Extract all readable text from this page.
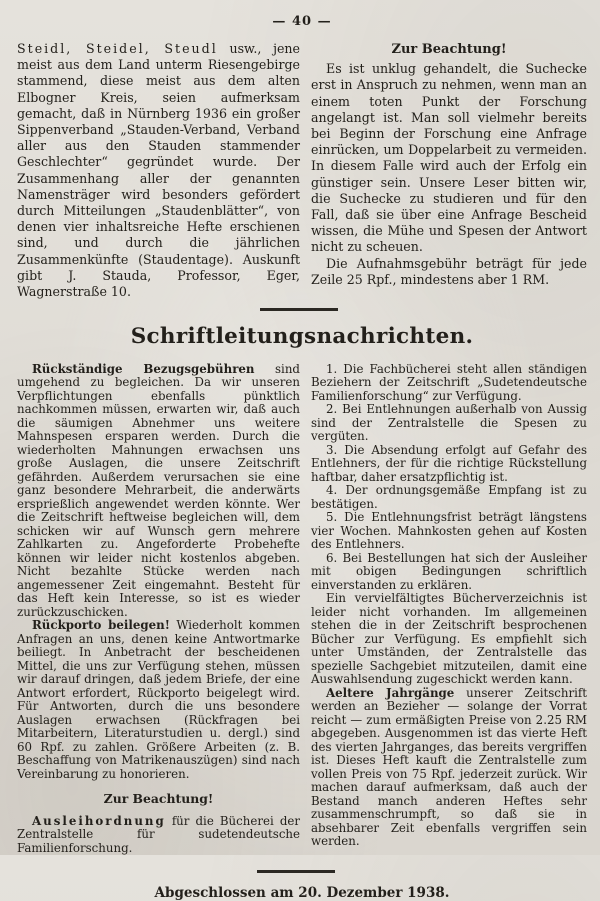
— 40 —

Steidl, Steidel, Steudl usw., jene meist aus dem Land unterm Riesengebirge stammend, diese meist aus dem alten Elbogner Kreis, seien aufmerksam gemacht, daß in Nürnberg 1936 ein großer Sippenverband „Stauden-Verband, Verband aller aus den Stauden stammender Geschlechter“ gegründet wurde. Der Zusammenhang aller der genannten Namensträger wird besonders gefördert durch Mitteilungen „Staudenblätter“, von denen vier inhaltsreiche Hefte erschienen sind, und durch die jährlichen Zusammenkünfte (Staudentage). Auskunft gibt J. Stauda, Professor, Eger, Wagnerstraße 10.

Zur Beachtung!

Es ist unklug gehandelt, die Suchecke erst in Anspruch zu nehmen, wenn man an einem toten Punkt der Forschung angelangt ist. Man soll vielmehr bereits bei Beginn der Forschung eine Anfrage einrücken, um Doppelarbeit zu vermeiden. In diesem Falle wird auch der Erfolg ein günstiger sein. Unsere Leser bitten wir, die Suchecke zu studieren und für den Fall, daß sie über eine Anfrage Bescheid wissen, die Mühe und Spesen der Antwort nicht zu scheuen.

Die Aufnahmsgebühr beträgt für jede Zeile 25 Rpf., mindestens aber 1 RM.

Schriftleitungsnachrichten.

Rückständige Bezugsgebühren sind umgehend zu begleichen. Da wir unseren Verpflichtungen ebenfalls pünktlich nachkommen müssen, erwarten wir, daß auch die säumigen Abnehmer uns weitere Mahnspesen ersparen werden. Durch die wiederholten Mahnungen erwachsen uns große Auslagen, die unsere Zeitschrift gefährden. Außerdem verursachen sie eine ganz besondere Mehrarbeit, die anderwärts ersprießlich angewendet werden könnte. Wer die Zeitschrift heftweise begleichen will, dem schicken wir auf Wunsch gern mehrere Zahlkarten zu. Angeforderte Probehefte können wir leider nicht kostenlos abgeben. Nicht bezahlte Stücke werden nach angemessener Zeit eingemahnt. Besteht für das Heft kein Interesse, so ist es wieder zurückzuschicken.

Rückporto beilegen! Wiederholt kommen Anfragen an uns, denen keine Antwortmarke beiliegt. In Anbetracht der bescheidenen Mittel, die uns zur Verfügung stehen, müssen wir darauf dringen, daß jedem Briefe, der eine Antwort erfordert, Rückporto beigelegt wird. Für Antworten, durch die uns besondere Auslagen erwachsen (Rückfragen bei Mitarbeitern, Literaturstudien u. dergl.) sind 60 Rpf. zu zahlen. Größere Arbeiten (z. B. Beschaffung von Matrikenauszügen) sind nach Vereinbarung zu honorieren.

Zur Beachtung!

Ausleihordnung für die Bücherei der Zentralstelle für sudetendeutsche Familienforschung.

1. Die Fachbücherei steht allen ständigen Beziehern der Zeitschrift „Sudetendeutsche Familienforschung“ zur Verfügung.

2. Bei Entlehnungen außerhalb von Aussig sind der Zentralstelle die Spesen zu vergüten.

3. Die Absendung erfolgt auf Gefahr des Entlehners, der für die richtige Rückstellung haftbar, daher ersatzpflichtig ist.

4. Der ordnungsgemäße Empfang ist zu bestätigen.

5. Die Entlehnungsfrist beträgt längstens vier Wochen. Mahnkosten gehen auf Kosten des Entlehners.

6. Bei Bestellungen hat sich der Ausleiher mit obigen Bedingungen schriftlich einverstanden zu erklären.

Ein vervielfältigtes Bücherverzeichnis ist leider nicht vorhanden. Im allgemeinen stehen die in der Zeitschrift besprochenen Bücher zur Verfügung. Es empfiehlt sich unter Umständen, der Zentralstelle das spezielle Sachgebiet mitzuteilen, damit eine Auswahlsendung zugeschickt werden kann.

Aeltere Jahrgänge unserer Zeitschrift werden an Bezieher — solange der Vorrat reicht — zum ermäßigten Preise von 2.25 RM abgegeben. Ausgenommen ist das vierte Heft des vierten Jahrganges, das bereits vergriffen ist. Dieses Heft kauft die Zentralstelle zum vollen Preis von 75 Rpf. jederzeit zurück. Wir machen darauf aufmerksam, daß auch der Bestand manch anderen Heftes sehr zusammenschrumpft, so daß sie in absehbarer Zeit ebenfalls vergriffen sein werden.

Abgeschlossen am 20. Dezember 1938.
